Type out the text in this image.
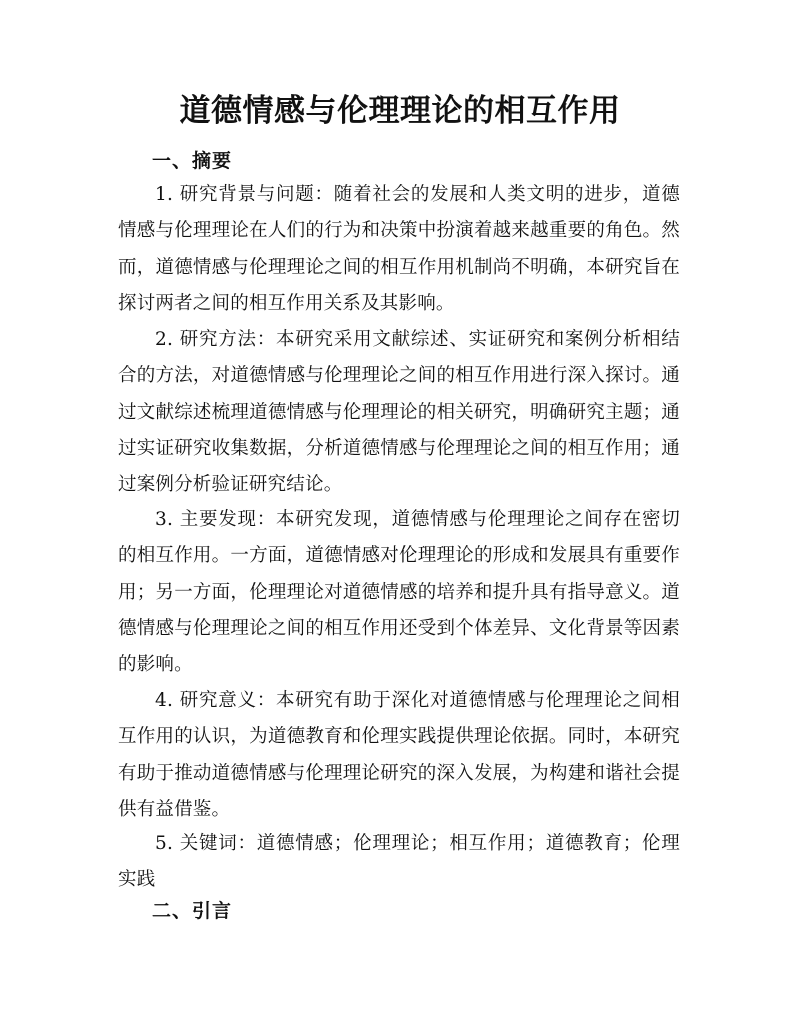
道德情感与伦理理论的相互作用
一、摘要

1. 研究背景与问题：随着社会的发展和人类文明的进步，道德情感与伦理理论在人们的行为和决策中扮演着越来越重要的角色。然而，道德情感与伦理理论之间的相互作用机制尚不明确，本研究旨在探讨两者之间的相互作用关系及其影响。

2. 研究方法：本研究采用文献综述、实证研究和案例分析相结合的方法，对道德情感与伦理理论之间的相互作用进行深入探讨。通过文献综述梳理道德情感与伦理理论的相关研究，明确研究主题；通过实证研究收集数据，分析道德情感与伦理理论之间的相互作用；通过案例分析验证研究结论。

3. 主要发现：本研究发现，道德情感与伦理理论之间存在密切的相互作用。一方面，道德情感对伦理理论的形成和发展具有重要作用；另一方面，伦理理论对道德情感的培养和提升具有指导意义。道德情感与伦理理论之间的相互作用还受到个体差异、文化背景等因素的影响。

4. 研究意义：本研究有助于深化对道德情感与伦理理论之间相互作用的认识，为道德教育和伦理实践提供理论依据。同时，本研究有助于推动道德情感与伦理理论研究的深入发展，为构建和谐社会提供有益借鉴。

5. 关键词：道德情感；伦理理论；相互作用；道德教育；伦理实践

二、引言
